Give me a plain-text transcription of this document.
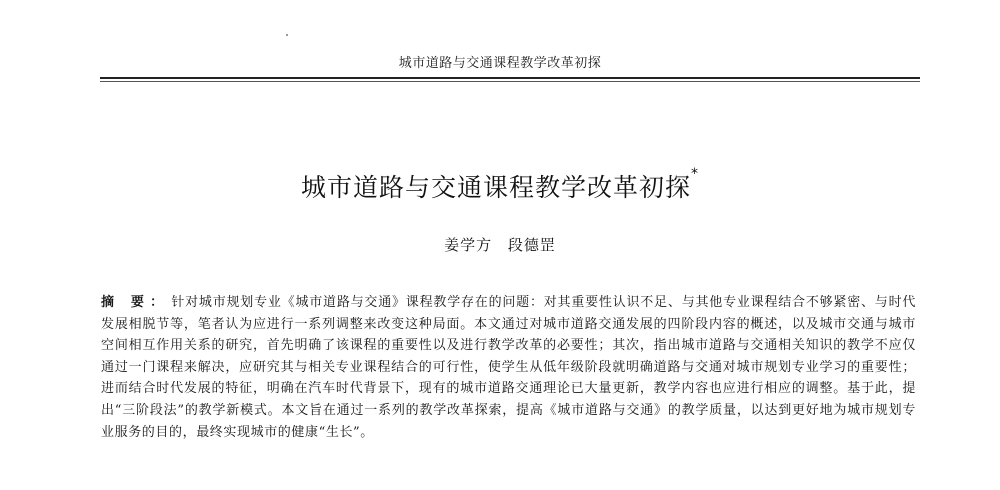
城市道路与交通课程教学改革初探
城市道路与交通课程教学改革初探*
姜学方 段德罡
摘 要： 针对城市规划专业《城市道路与交通》课程教学存在的问题：对其重要性认识不足、与其他专业课程结合不够紧密、与时代发展相脱节等，笔者认为应进行一系列调整来改变这种局面。本文通过对城市道路交通发展的四阶段内容的概述，以及城市交通与城市空间相互作用关系的研究，首先明确了该课程的重要性以及进行教学改革的必要性；其次，指出城市道路与交通相关知识的教学不应仅通过一门课程来解决，应研究其与相关专业课程结合的可行性，使学生从低年级阶段就明确道路与交通对城市规划专业学习的重要性；进而结合时代发展的特征，明确在汽车时代背景下，现有的城市道路交通理论已大量更新，教学内容也应进行相应的调整。基于此，提出“三阶段法”的教学新模式。本文旨在通过一系列的教学改革探索，提高《城市道路与交通》的教学质量，以达到更好地为城市规划专业服务的目的，最终实现城市的健康“生长”。
